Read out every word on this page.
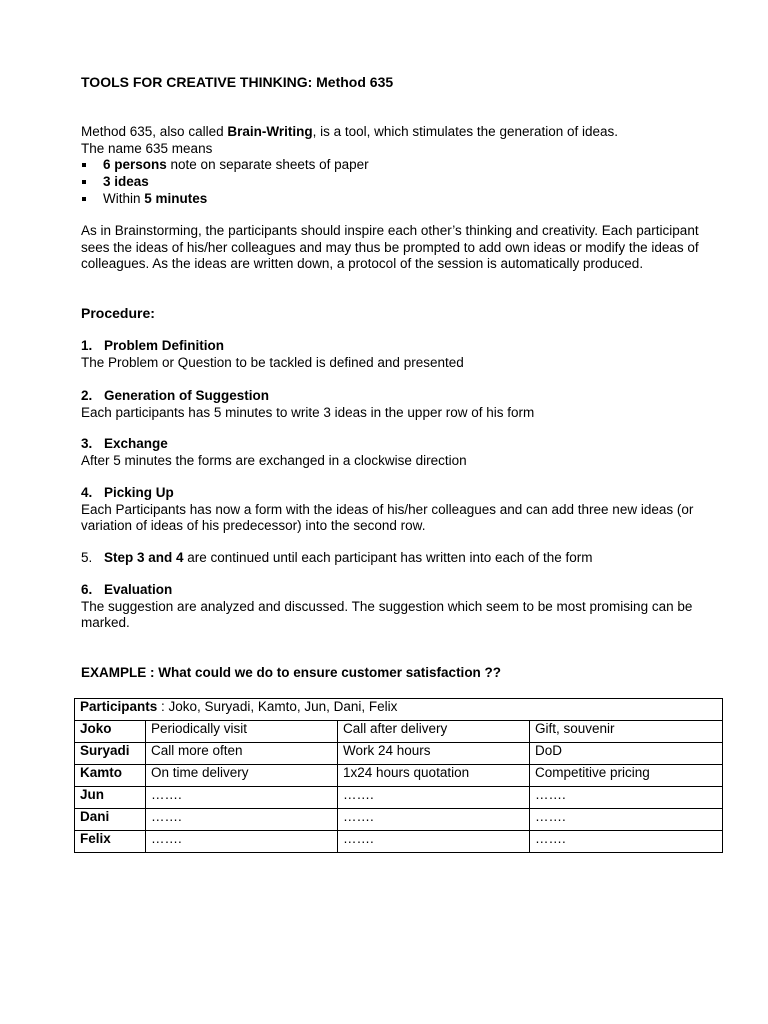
TOOLS FOR CREATIVE THINKING: Method 635

Method 635, also called Brain-Writing, is a tool, which stimulates the generation of ideas.

The name 635 means

6 persons note on separate sheets of paper
3 ideas
Within 5 minutes
As in Brainstorming, the participants should inspire each other’s thinking and creativity. Each participant sees the ideas of his/her colleagues and may thus be prompted to add own ideas or modify the ideas of colleagues. As the ideas are written down, a protocol of the session is automatically produced.
Procedure:
1. Problem Definition
The Problem or Question to be tackled is defined and presented
2. Generation of Suggestion
Each participants has 5 minutes to write 3 ideas in the upper row of his form
3. Exchange
After 5 minutes the forms are exchanged in a clockwise direction
4. Picking Up
Each Participants has now a form with the ideas of his/her colleagues and can add three new ideas (or variation of ideas of his predecessor) into the second row.
5. Step 3 and 4 are continued until each participant has written into each of the form
6. Evaluation
The suggestion are analyzed and discussed. The suggestion which seem to be most promising can be marked.
EXAMPLE : What could we do to ensure customer satisfaction ??
Participants : Joko, Suryadi, Kamto, Jun, Dani, Felix			
Joko	Periodically visit	Call after delivery	Gift, souvenir
Suryadi	Call more often	Work 24 hours	DoD
Kamto	On time delivery	1x24 hours quotation	Competitive pricing
Jun	…….	…….	…….
Dani	…….	…….	…….
Felix	…….	…….	…….
